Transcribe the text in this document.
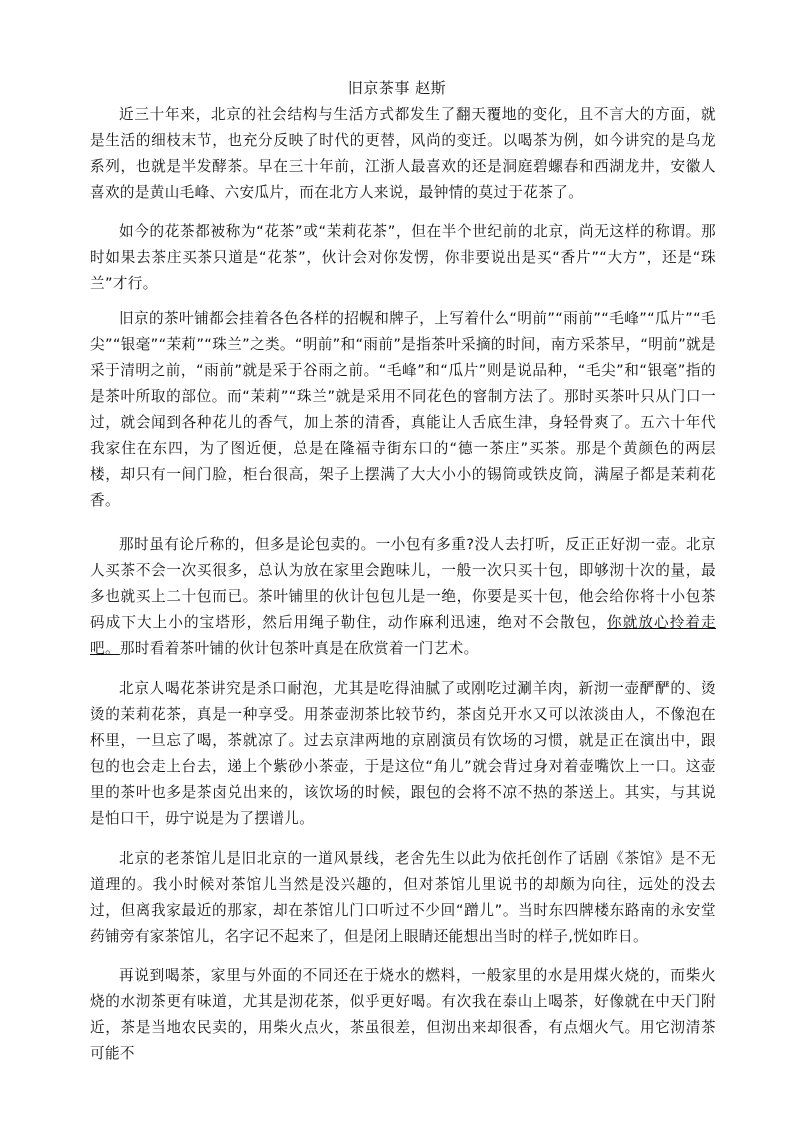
旧京茶事 赵斯

近三十年来，北京的社会结构与生活方式都发生了翻天覆地的变化，且不言大的方面，就是生活的细枝末节，也充分反映了时代的更替，风尚的变迁。以喝茶为例，如今讲究的是乌龙系列，也就是半发酵茶。早在三十年前，江浙人最喜欢的还是洞庭碧螺春和西湖龙井，安徽人喜欢的是黄山毛峰、六安瓜片，而在北方人来说，最钟情的莫过于花茶了。

如今的花茶都被称为“花茶”或“茉莉花茶”，但在半个世纪前的北京，尚无这样的称谓。那时如果去茶庄买茶只道是“花茶”，伙计会对你发愣，你非要说出是买“香片”“大方”，还是“珠兰”才行。

旧京的茶叶铺都会挂着各色各样的招幌和牌子，上写着什么“明前”“雨前”“毛峰”“瓜片”“毛尖”“银毫”“茉莉”“珠兰”之类。“明前”和“雨前”是指茶叶采摘的时间，南方采茶早，“明前”就是采于清明之前，“雨前”就是采于谷雨之前。“毛峰”和“瓜片”则是说品种，“毛尖”和“银毫”指的是茶叶所取的部位。而“茉莉”“珠兰”就是采用不同花色的窨制方法了。那时买茶叶只从门口一过，就会闻到各种花儿的香气，加上茶的清香，真能让人舌底生津，身轻骨爽了。五六十年代我家住在东四，为了图近便，总是在隆福寺街东口的“德一茶庄”买茶。那是个黄颜色的两层楼，却只有一间门脸，柜台很高，架子上摆满了大大小小的锡筒或铁皮筒，满屋子都是茉莉花香。

那时虽有论斤称的，但多是论包卖的。一小包有多重?没人去打听，反正正好沏一壶。北京人买茶不会一次买很多，总认为放在家里会跑味儿，一般一次只买十包，即够沏十次的量，最多也就买上二十包而已。茶叶铺里的伙计包包儿是一绝，你要是买十包，他会给你将十小包茶码成下大上小的宝塔形，然后用绳子勒住，动作麻利迅速，绝对不会散包，你就放心拎着走吧。那时看着茶叶铺的伙计包茶叶真是在欣赏着一门艺术。

北京人喝花茶讲究是杀口耐泡，尤其是吃得油腻了或刚吃过涮羊肉，新沏一壶酽酽的、烫烫的茉莉花茶，真是一种享受。用茶壶沏茶比较节约，茶卤兑开水又可以浓淡由人，不像泡在杯里，一旦忘了喝，茶就凉了。过去京津两地的京剧演员有饮场的习惯，就是正在演出中，跟包的也会走上台去，递上个紫砂小茶壶，于是这位“角儿”就会背过身对着壶嘴饮上一口。这壶里的茶叶也多是茶卤兑出来的，该饮场的时候，跟包的会将不凉不热的茶送上。其实，与其说是怕口干，毋宁说是为了摆谱儿。

北京的老茶馆儿是旧北京的一道风景线，老舍先生以此为依托创作了话剧《茶馆》是不无道理的。我小时候对茶馆儿当然是没兴趣的，但对茶馆儿里说书的却颇为向往，远处的没去过，但离我家最近的那家，却在茶馆儿门口听过不少回“蹭儿”。当时东四牌楼东路南的永安堂药铺旁有家茶馆儿，名字记不起来了，但是闭上眼睛还能想出当时的样子,恍如昨日。

再说到喝茶，家里与外面的不同还在于烧水的燃料，一般家里的水是用煤火烧的，而柴火烧的水沏茶更有味道，尤其是沏花茶，似乎更好喝。有次我在泰山上喝茶，好像就在中天门附近，茶是当地农民卖的，用柴火点火，茶虽很差，但沏出来却很香，有点烟火气。用它沏清茶可能不
